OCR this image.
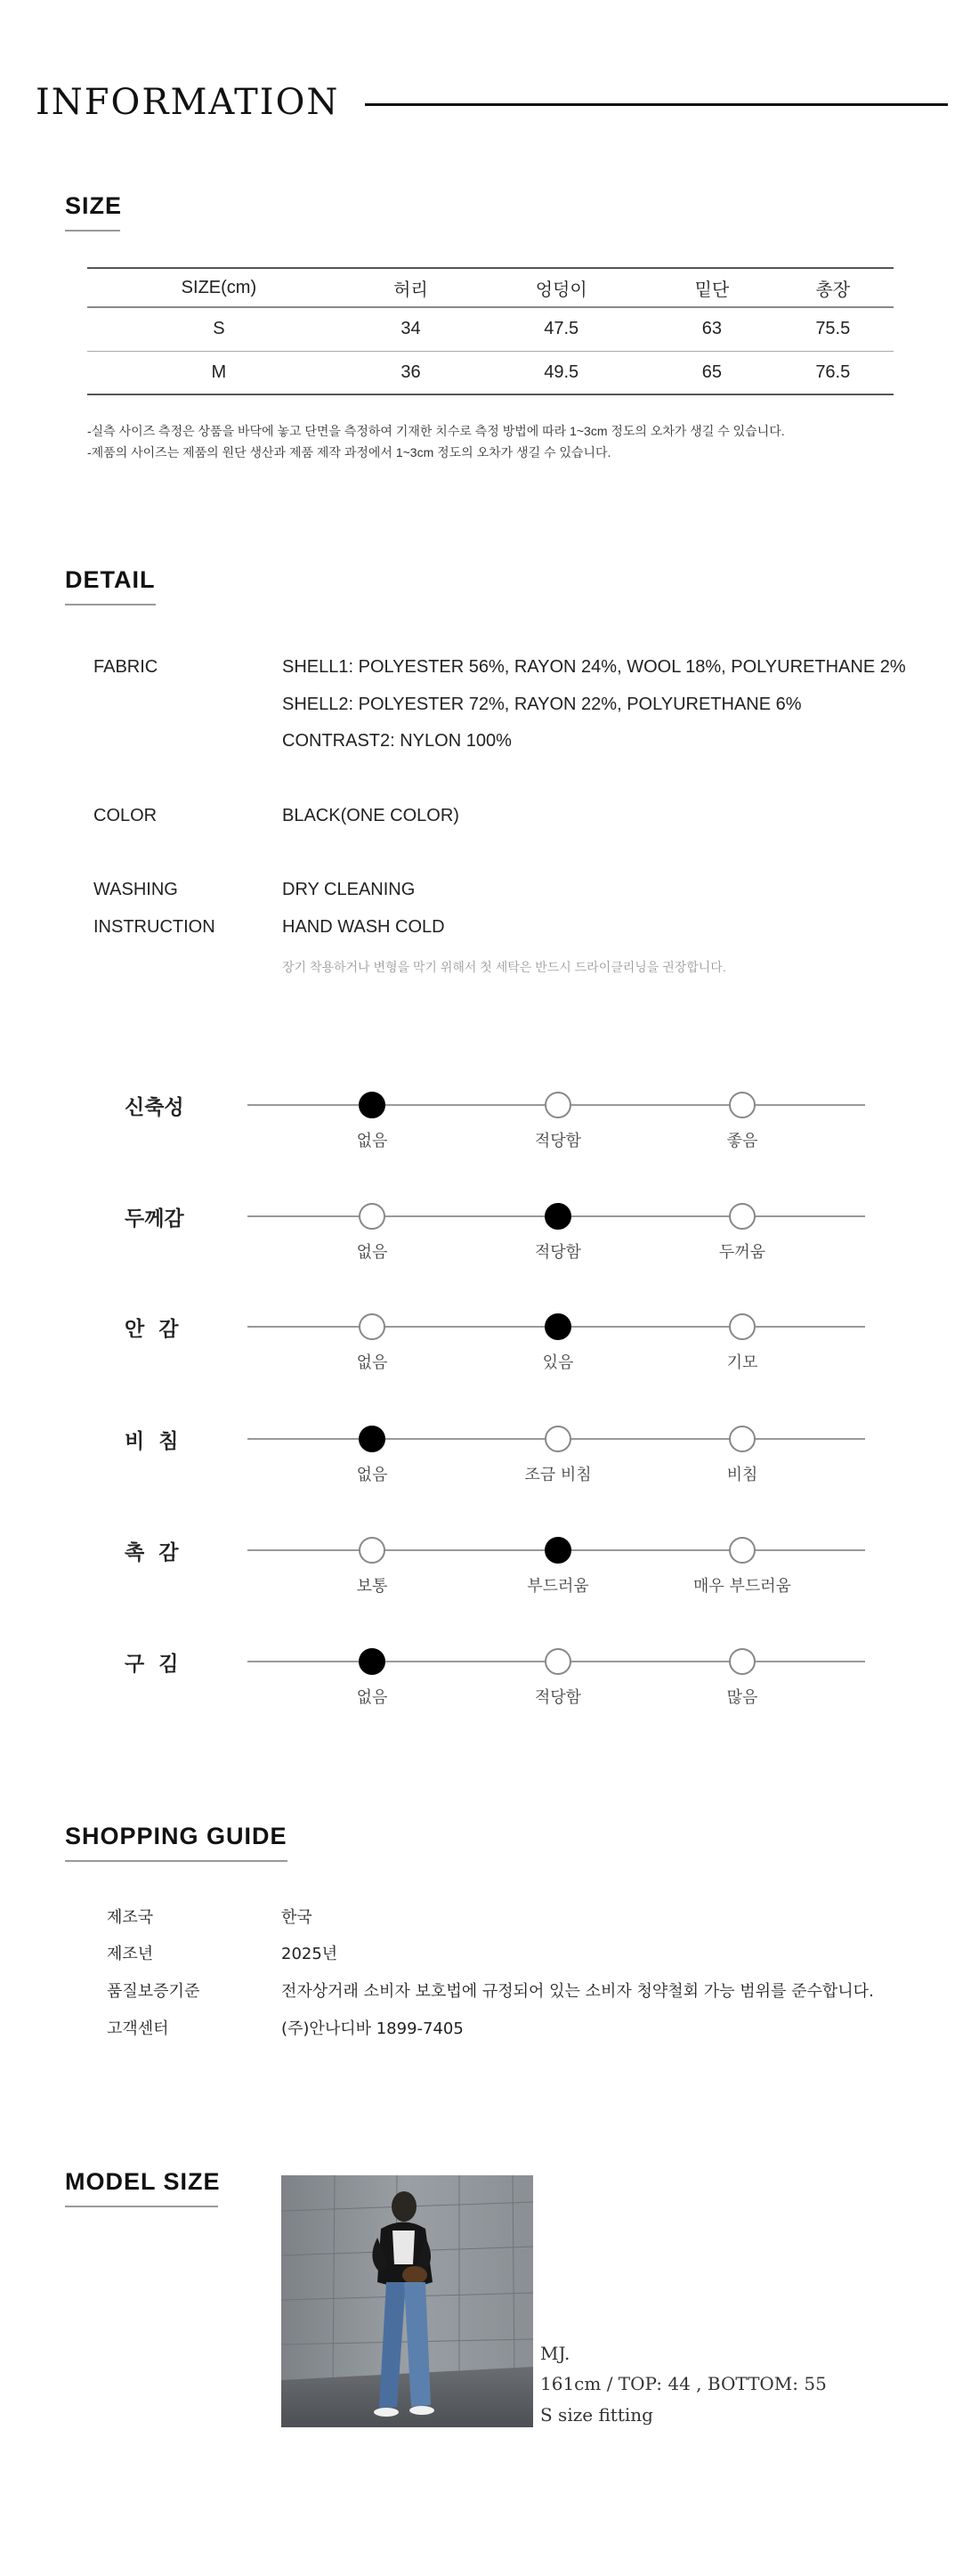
INFORMATION
SIZE
SIZE(cm)	허리	엉덩이	밑단	총장
S	34	47.5	63	75.5
M	36	49.5	65	76.5
-실측 사이즈 측정은 상품을 바닥에 놓고 단면을 측정하여 기재한 치수로 측정 방법에 따라 1~3cm 정도의 오차가 생길 수 있습니다.
-제품의 사이즈는 제품의 원단 생산과 제품 제작 과정에서 1~3cm 정도의 오차가 생길 수 있습니다.
DETAIL
FABRIC	SHELL1: POLYESTER 56%, RAYON 24%, WOOL 18%, POLYURETHANE 2%
SHELL2: POLYESTER 72%, RAYON 22%, POLYURETHANE 6%
CONTRAST2: NYLON 100%
COLOR	BLACK(ONE COLOR)
WASHING
INSTRUCTION
DRY CLEANING
HAND WASH COLD
장기 착용하거나 변형을 막기 위해서 첫 세탁은 반드시 드라이클리닝을 권장합니다.
신축성
없음	적당함	좋음
두께감
없음	적당함	두꺼움
안  감
없음	있음	기모
비  침
없음	조금 비침	비침
촉  감
보통	부드러움	매우 부드러움
구  김
없음	적당함	많음
SHOPPING GUIDE
제조국	한국
제조년	2025년
품질보증기준	전자상거래 소비자 보호법에 규정되어 있는 소비자 청약철회 가능 범위를 준수합니다.
고객센터	(주)안나디바 1899-7405
MODEL SIZE
MJ.
161cm / TOP: 44 , BOTTOM: 55
S size fitting
